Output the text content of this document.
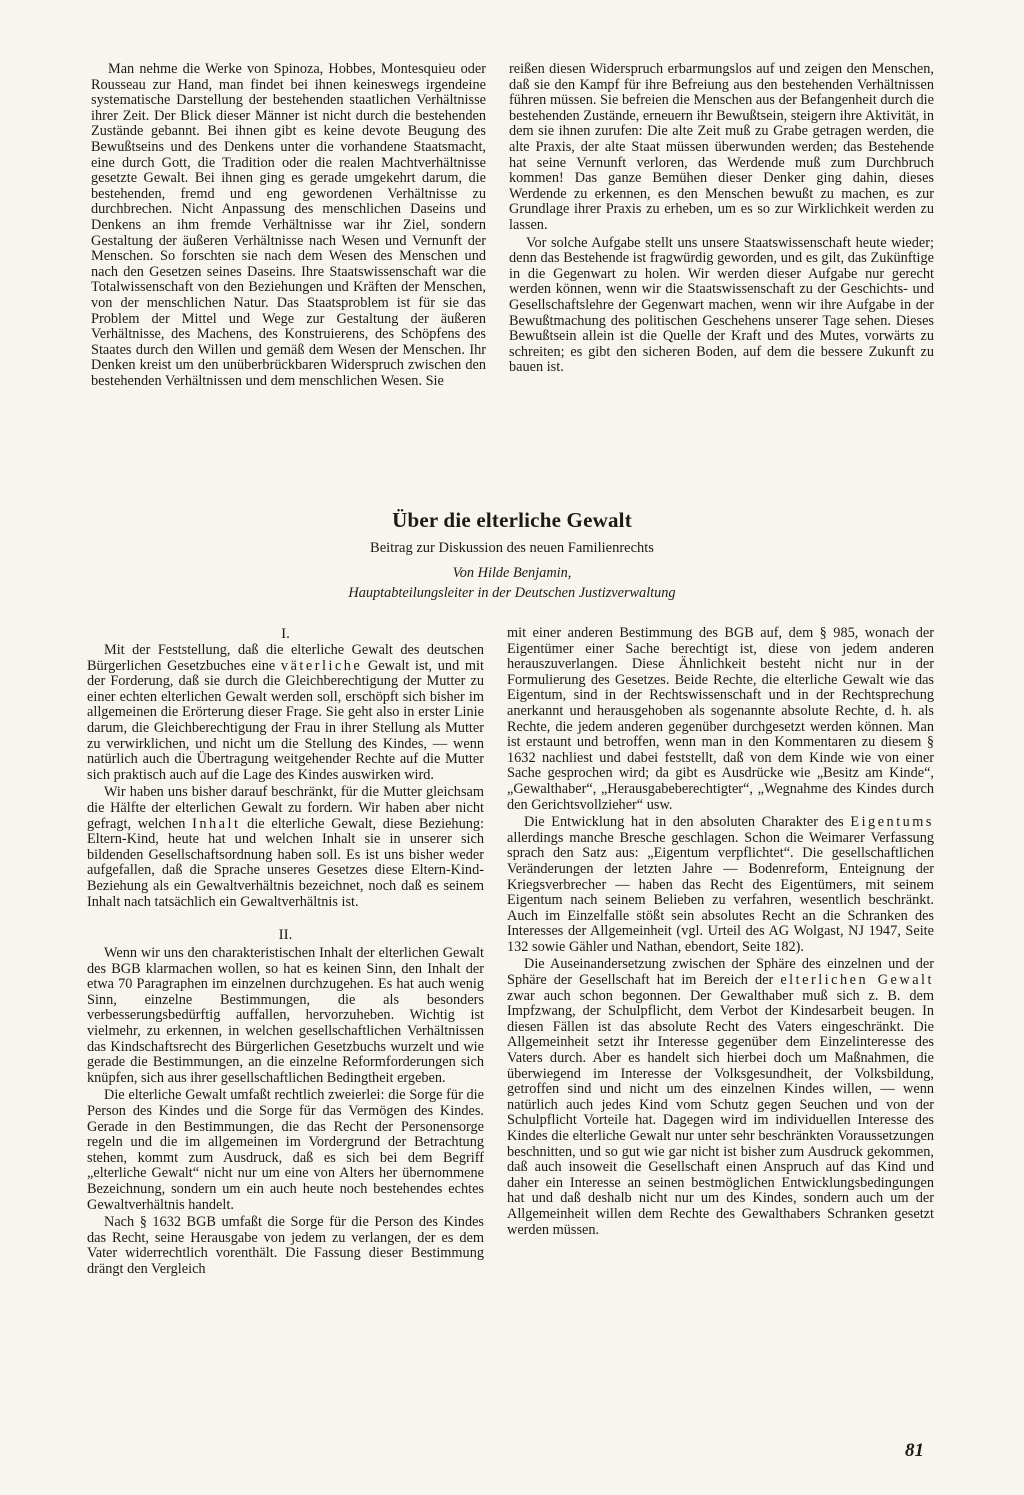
Man nehme die Werke von Spinoza, Hobbes, Montesquieu oder Rousseau zur Hand, man findet bei ihnen keineswegs irgendeine systematische Darstellung der bestehenden staatlichen Verhältnisse ihrer Zeit. Der Blick dieser Männer ist nicht durch die bestehenden Zustände gebannt. Bei ihnen gibt es keine devote Beugung des Bewußtseins und des Denkens unter die vorhandene Staatsmacht, eine durch Gott, die Tradition oder die realen Machtverhältnisse gesetzte Gewalt. Bei ihnen ging es gerade umgekehrt darum, die bestehenden, fremd und eng gewordenen Verhältnisse zu durchbrechen. Nicht Anpassung des menschlichen Daseins und Denkens an ihm fremde Verhältnisse war ihr Ziel, sondern Gestaltung der äußeren Verhältnisse nach Wesen und Vernunft der Menschen. So forschten sie nach dem Wesen des Menschen und nach den Gesetzen seines Daseins. Ihre Staatswissenschaft war die Totalwissenschaft von den Beziehungen und Kräften der Menschen, von der menschlichen Natur. Das Staatsproblem ist für sie das Problem der Mittel und Wege zur Gestaltung der äußeren Verhältnisse, des Machens, des Konstruierens, des Schöpfens des Staates durch den Willen und gemäß dem Wesen der Menschen. Ihr Denken kreist um den unüberbrückbaren Widerspruch zwischen den bestehenden Verhältnissen und dem menschlichen Wesen. Sie

reißen diesen Widerspruch erbarmungslos auf und zeigen den Menschen, daß sie den Kampf für ihre Befreiung aus den bestehenden Verhältnissen führen müssen. Sie befreien die Menschen aus der Befangenheit durch die bestehenden Zustände, erneuern ihr Bewußtsein, steigern ihre Aktivität, in dem sie ihnen zurufen: Die alte Zeit muß zu Grabe getragen werden, die alte Praxis, der alte Staat müssen überwunden werden; das Bestehende hat seine Vernunft verloren, das Werdende muß zum Durchbruch kommen! Das ganze Bemühen dieser Denker ging dahin, dieses Werdende zu erkennen, es den Menschen bewußt zu machen, es zur Grundlage ihrer Praxis zu erheben, um es so zur Wirklichkeit werden zu lassen.

Vor solche Aufgabe stellt uns unsere Staatswissenschaft heute wieder; denn das Bestehende ist fragwürdig geworden, und es gilt, das Zukünftige in die Gegenwart zu holen. Wir werden dieser Aufgabe nur gerecht werden können, wenn wir die Staatswissenschaft zu der Geschichts- und Gesellschaftslehre der Gegenwart machen, wenn wir ihre Aufgabe in der Bewußtmachung des politischen Geschehens unserer Tage sehen. Dieses Bewußtsein allein ist die Quelle der Kraft und des Mutes, vorwärts zu schreiten; es gibt den sicheren Boden, auf dem die bessere Zukunft zu bauen ist.

Über die elterliche Gewalt
Beitrag zur Diskussion des neuen Familienrechts
Von Hilde Benjamin,
Hauptabteilungsleiter in der Deutschen Justizverwaltung
I.

Mit der Feststellung, daß die elterliche Gewalt des deutschen Bürgerlichen Gesetzbuches eine väterliche Gewalt ist, und mit der Forderung, daß sie durch die Gleichberechtigung der Mutter zu einer echten elterlichen Gewalt werden soll, erschöpft sich bisher im allgemeinen die Erörterung dieser Frage. Sie geht also in erster Linie darum, die Gleichberechtigung der Frau in ihrer Stellung als Mutter zu verwirklichen, und nicht um die Stellung des Kindes, — wenn natürlich auch die Übertragung weitgehender Rechte auf die Mutter sich praktisch auch auf die Lage des Kindes auswirken wird.

Wir haben uns bisher darauf beschränkt, für die Mutter gleichsam die Hälfte der elterlichen Gewalt zu fordern. Wir haben aber nicht gefragt, welchen Inhalt die elterliche Gewalt, diese Beziehung: Eltern-Kind, heute hat und welchen Inhalt sie in unserer sich bildenden Gesellschaftsordnung haben soll. Es ist uns bisher weder aufgefallen, daß die Sprache unseres Gesetzes diese Eltern-Kind-Beziehung als ein Gewaltverhältnis bezeichnet, noch daß es seinem Inhalt nach tatsächlich ein Gewaltverhältnis ist.

II.

Wenn wir uns den charakteristischen Inhalt der elterlichen Gewalt des BGB klarmachen wollen, so hat es keinen Sinn, den Inhalt der etwa 70 Paragraphen im einzelnen durchzugehen. Es hat auch wenig Sinn, einzelne Bestimmungen, die als besonders verbesserungsbedürftig auffallen, hervorzuheben. Wichtig ist vielmehr, zu erkennen, in welchen gesellschaftlichen Verhältnissen das Kindschaftsrecht des Bürgerlichen Gesetzbuchs wurzelt und wie gerade die Bestimmungen, an die einzelne Reformforderungen sich knüpfen, sich aus ihrer gesellschaftlichen Bedingtheit ergeben.

Die elterliche Gewalt umfaßt rechtlich zweierlei: die Sorge für die Person des Kindes und die Sorge für das Vermögen des Kindes. Gerade in den Bestimmungen, die das Recht der Personensorge regeln und die im allgemeinen im Vordergrund der Betrachtung stehen, kommt zum Ausdruck, daß es sich bei dem Begriff „elterliche Gewalt“ nicht nur um eine von Alters her übernommene Bezeichnung, sondern um ein auch heute noch bestehendes echtes Gewaltverhältnis handelt.

Nach § 1632 BGB umfaßt die Sorge für die Person des Kindes das Recht, seine Herausgabe von jedem zu verlangen, der es dem Vater widerrechtlich vorenthält. Die Fassung dieser Bestimmung drängt den Vergleich

mit einer anderen Bestimmung des BGB auf, dem § 985, wonach der Eigentümer einer Sache berechtigt ist, diese von jedem anderen herauszuverlangen. Diese Ähnlichkeit besteht nicht nur in der Formulierung des Gesetzes. Beide Rechte, die elterliche Gewalt wie das Eigentum, sind in der Rechtswissenschaft und in der Rechtsprechung anerkannt und herausgehoben als sogenannte absolute Rechte, d. h. als Rechte, die jedem anderen gegenüber durchgesetzt werden können. Man ist erstaunt und betroffen, wenn man in den Kommentaren zu diesem § 1632 nachliest und dabei feststellt, daß von dem Kinde wie von einer Sache gesprochen wird; da gibt es Ausdrücke wie „Besitz am Kinde“, „Gewalthaber“, „Herausgabeberechtigter“, „Wegnahme des Kindes durch den Gerichtsvollzieher“ usw.

Die Entwicklung hat in den absoluten Charakter des Eigentums allerdings manche Bresche geschlagen. Schon die Weimarer Verfassung sprach den Satz aus: „Eigentum verpflichtet“. Die gesellschaftlichen Veränderungen der letzten Jahre — Bodenreform, Enteignung der Kriegsverbrecher — haben das Recht des Eigentümers, mit seinem Eigentum nach seinem Belieben zu verfahren, wesentlich beschränkt. Auch im Einzelfalle stößt sein absolutes Recht an die Schranken des Interesses der Allgemeinheit (vgl. Urteil des AG Wolgast, NJ 1947, Seite 132 sowie Gähler und Nathan, ebendort, Seite 182).

Die Auseinandersetzung zwischen der Sphäre des einzelnen und der Sphäre der Gesellschaft hat im Bereich der elterlichen Gewalt zwar auch schon begonnen. Der Gewalthaber muß sich z. B. dem Impfzwang, der Schulpflicht, dem Verbot der Kindesarbeit beugen. In diesen Fällen ist das absolute Recht des Vaters eingeschränkt. Die Allgemeinheit setzt ihr Interesse gegenüber dem Einzelinteresse des Vaters durch. Aber es handelt sich hierbei doch um Maßnahmen, die überwiegend im Interesse der Volksgesundheit, der Volksbildung, getroffen sind und nicht um des einzelnen Kindes willen, — wenn natürlich auch jedes Kind vom Schutz gegen Seuchen und von der Schulpflicht Vorteile hat. Dagegen wird im individuellen Interesse des Kindes die elterliche Gewalt nur unter sehr beschränkten Voraussetzungen beschnitten, und so gut wie gar nicht ist bisher zum Ausdruck gekommen, daß auch insoweit die Gesellschaft einen Anspruch auf das Kind und daher ein Interesse an seinen bestmöglichen Entwicklungsbedingungen hat und daß deshalb nicht nur um des Kindes, sondern auch um der Allgemeinheit willen dem Rechte des Gewalthabers Schranken gesetzt werden müssen.

81
